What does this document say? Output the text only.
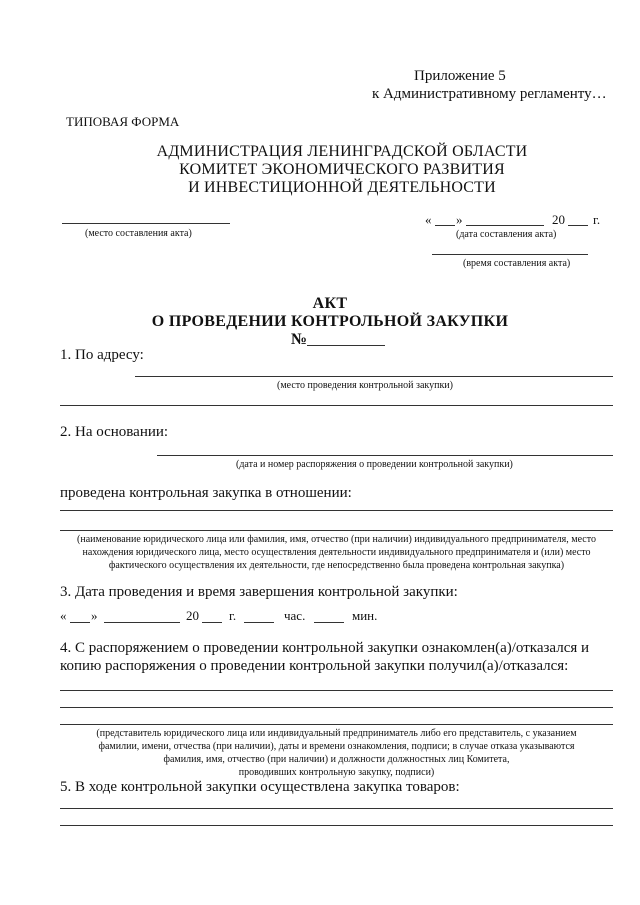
Приложение 5
к Административному регламенту…
ТИПОВАЯ ФОРМА
АДМИНИСТРАЦИЯ ЛЕНИНГРАДСКОЙ ОБЛАСТИ
КОМИТЕТ ЭКОНОМИЧЕСКОГО РАЗВИТИЯ
И ИНВЕСТИЦИОННОЙ ДЕЯТЕЛЬНОСТИ
(место составления акта)
« »	20 г.
(дата составления акта)
(время составления акта)
АКТ
О ПРОВЕДЕНИИ КОНТРОЛЬНОЙ ЗАКУПКИ
№
1. По адресу:
(место проведения контрольной закупки)
2. На основании:
(дата и номер распоряжения о проведении контрольной закупки)
проведена контрольная закупка в отношении:
(наименование юридического лица или фамилия, имя, отчество (при наличии) индивидуального предпринимателя, место
нахождения юридического лица, место осуществления деятельности индивидуального предпринимателя и (или) место
фактического осуществления их деятельности, где непосредственно была проведена контрольная закупка)
3. Дата проведения и время завершения контрольной закупки:
« »	20 г.	час.	мин.
4. С распоряжением о проведении контрольной закупки ознакомлен(а)/отказался и
копию распоряжения о проведении контрольной закупки получил(а)/отказался:
(представитель юридического лица или индивидуальный предприниматель либо его представитель, с указанием
фамилии, имени, отчества (при наличии), даты и времени ознакомления, подписи; в случае отказа указываются
фамилия, имя, отчество (при наличии) и должности должностных лиц Комитета,
проводивших контрольную закупку, подписи)
5. В ходе контрольной закупки осуществлена закупка товаров:
